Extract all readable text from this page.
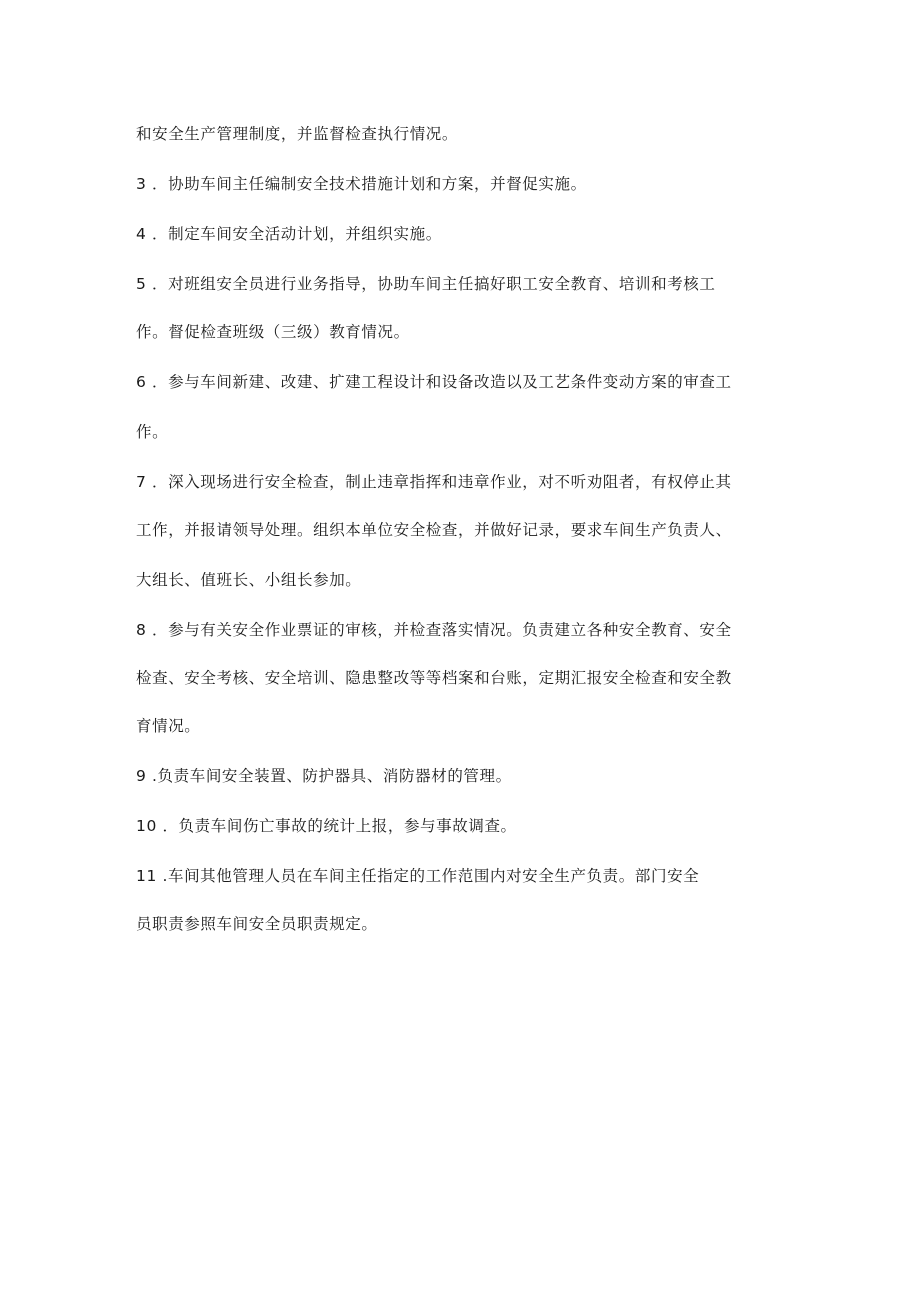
和安全生产管理制度，并监督检查执行情况。
3 ．协助车间主任编制安全技术措施计划和方案，并督促实施。
4 ．制定车间安全活动计划，并组织实施。
5 ．对班组安全员进行业务指导，协助车间主任搞好职工安全教育、培训和考核工
作。督促检查班级（三级）教育情况。
6 ．参与车间新建、改建、扩建工程设计和设备改造以及工艺条件变动方案的审查工
作。
7 ．深入现场进行安全检查，制止违章指挥和违章作业，对不听劝阻者，有权停止其
工作，并报请领导处理。组织本单位安全检查，并做好记录，要求车间生产负责人、
大组长、值班长、小组长参加。
8 ．参与有关安全作业票证的审核，并检查落实情况。负责建立各种安全教育、安全
检查、安全考核、安全培训、隐患整改等等档案和台账，定期汇报安全检查和安全教
育情况。
9 .负责车间安全装置、防护器具、消防器材的管理。
10 ．负责车间伤亡事故的统计上报，参与事故调查。
11 .车间其他管理人员在车间主任指定的工作范围内对安全生产负责。部门安全
员职责参照车间安全员职责规定。
